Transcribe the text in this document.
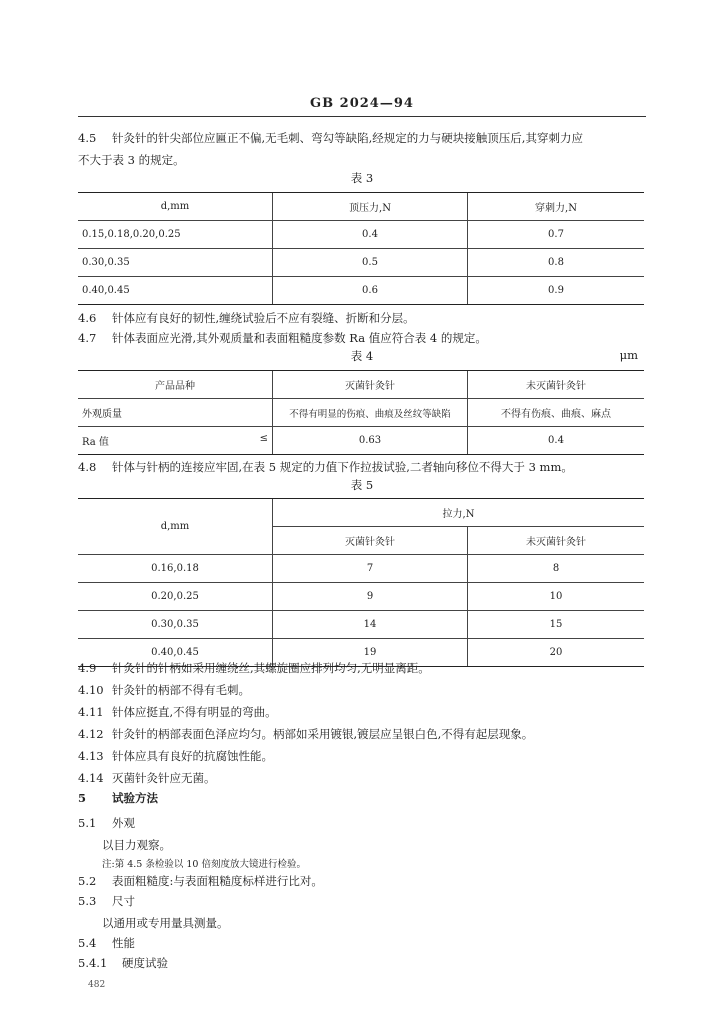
GB 2024—94
4.5 针灸针的针尖部位应匾正不偏,无毛刺、弯勾等缺陷,经规定的力与硬块接触顶压后,其穿刺力应
不大于表 3 的规定。
表 3
d,mm	顶压力,N	穿刺力,N
0.15,0.18,0.20,0.25	0.4	0.7
0.30,0.35	0.5	0.8
0.40,0.45	0.6	0.9
4.6 针体应有良好的韧性,缠绕试验后不应有裂缝、折断和分层。
4.7 针体表面应光滑,其外观质量和表面粗糙度参数 Ra 值应符合表 4 的规定。
表 4	μm
产品品种	灭菌针灸针	未灭菌针灸针
外观质量	不得有明显的伤痕、曲痕及丝纹等缺陷	不得有伤痕、曲痕、麻点
Ra 值 ≤	0.63	0.4
4.8 针体与针柄的连接应牢固,在表 5 规定的力值下作拉拔试验,二者轴向移位不得大于 3 mm。
表 5
d,mm	拉力,N	
	灭菌针灸针	未灭菌针灸针
0.16,0.18	7	8
0.20,0.25	9	10
0.30,0.35	14	15
0.40,0.45	19	20
4.9 针灸针的针柄如采用缠绕丝,其螺旋圈应排列均匀,无明显离距。
4.10 针灸针的柄部不得有毛刺。
4.11 针体应挺直,不得有明显的弯曲。
4.12 针灸针的柄部表面色泽应均匀。柄部如采用镀银,镀层应呈银白色,不得有起层现象。
4.13 针体应具有良好的抗腐蚀性能。
4.14 灭菌针灸针应无菌。
5 试验方法
5.1 外观
以目力观察。
注:第 4.5 条检验以 10 倍刻度放大镜进行检验。
5.2 表面粗糙度:与表面粗糙度标样进行比对。
5.3 尺寸
以通用或专用量具测量。
5.4 性能
5.4.1 硬度试验
482
